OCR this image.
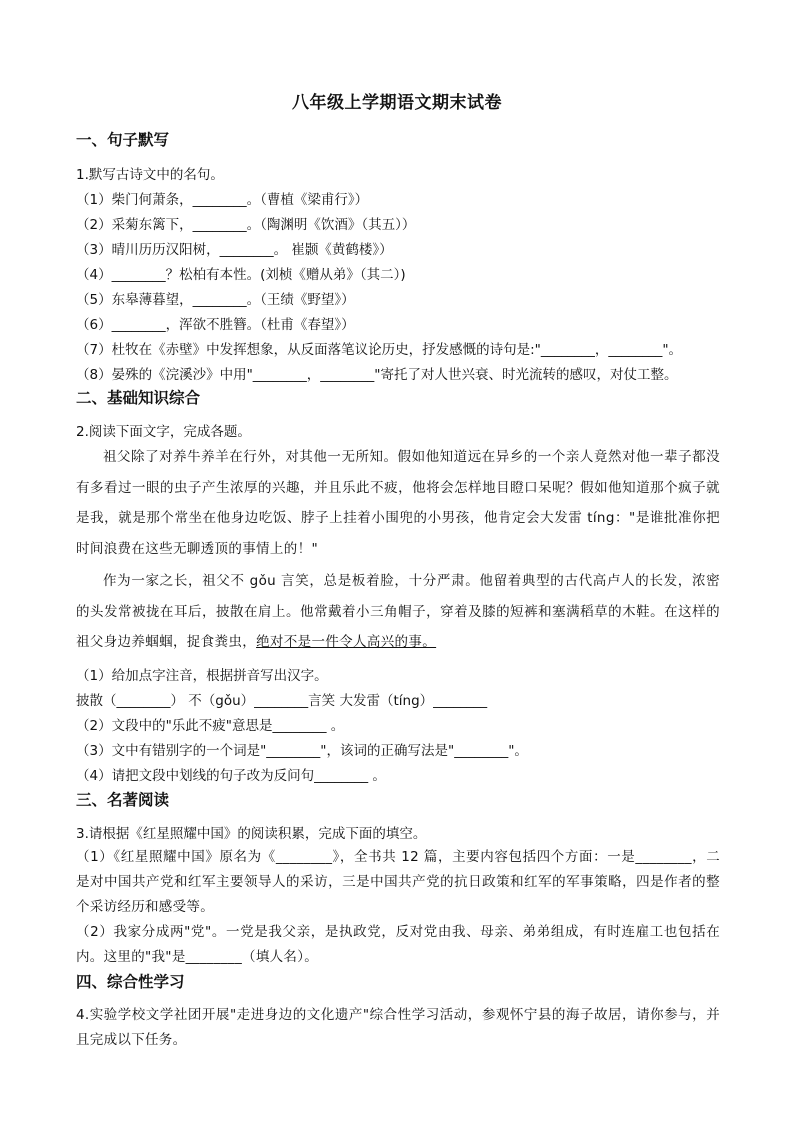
八年级上学期语文期末试卷
一、句子默写
1.默写古诗文中的名句。
（1）柴门何萧条，________。（曹植《梁甫行》）
（2）采菊东篱下，________。（陶渊明《饮酒》（其五））
（3）晴川历历汉阳树，________。 崔颢《黄鹤楼》）
（4）________？松柏有本性。(刘桢《赠从弟》（其二）)
（5）东皋薄暮望，________。（王绩《野望》）
（6）________，浑欲不胜簪。（杜甫《春望》）
（7）杜牧在《赤壁》中发挥想象，从反面落笔议论历史，抒发感慨的诗句是:"________，________"。
（8）晏殊的《浣溪沙》中用"________，________"寄托了对人世兴衰、时光流转的感叹，对仗工整。
二、基础知识综合
2.阅读下面文字，完成各题。
祖父除了对养牛养羊在行外，对其他一无所知。假如他知道远在异乡的一个亲人竟然对他一辈子都没有多看过一眼的虫子产生浓厚的兴趣，并且乐此不疲，他将会怎样地目瞪口呆呢？假如他知道那个疯子就是我，就是那个常坐在他身边吃饭、脖子上挂着小围兜的小男孩，他肯定会大发雷 tíng："是谁批准你把时间浪费在这些无聊透顶的事情上的！"
作为一家之长，祖父不 gǒu 言笑，总是板着脸，十分严肃。他留着典型的古代高卢人的长发，浓密的头发常被拢在耳后，披散在肩上。他常戴着小三角帽子，穿着及膝的短裤和塞满稻草的木鞋。在这样的祖父身边养蝈蝈，捉食粪虫，绝对不是一件令人高兴的事。
（1）给加点字注音，根据拼音写出汉字。
披散（________） 不（gǒu）________言笑 大发雷（tíng）________
（2）文段中的"乐此不疲"意思是________ 。
（3）文中有错别字的一个词是"________"，该词的正确写法是"________"。
（4）请把文段中划线的句子改为反问句________ 。
三、名著阅读
3.请根据《红星照耀中国》的阅读积累，完成下面的填空。
（1）《红星照耀中国》原名为《________》，全书共 12 篇，主要内容包括四个方面：一是________，二是对中国共产党和红军主要领导人的采访，三是中国共产党的抗日政策和红军的军事策略，四是作者的整个采访经历和感受等。
（2）我家分成两"党"。一党是我父亲，是执政党，反对党由我、母亲、弟弟组成，有时连雇工也包括在内。这里的"我"是________（填人名）。
四、综合性学习
4.实验学校文学社团开展"走进身边的文化遗产"综合性学习活动，参观怀宁县的海子故居，请你参与，并且完成以下任务。
